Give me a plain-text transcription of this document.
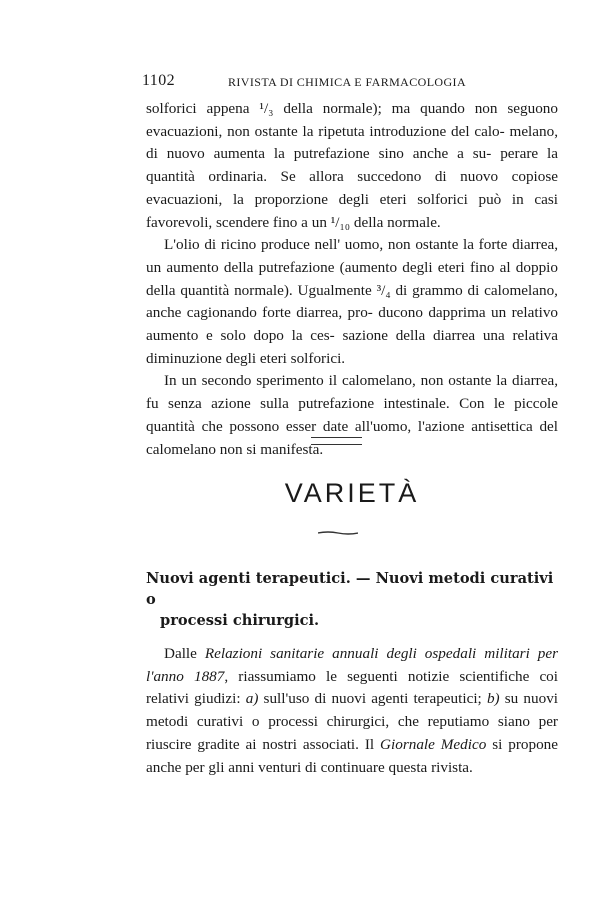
1102	RIVISTA DI CHIMICA E FARMACOLOGIA

solforici appena ¹/₃ della normale); ma quando non seguono evacuazioni, non ostante la ripetuta introduzione del calo- melano, di nuovo aumenta la putrefazione sino anche a su- perare la quantità ordinaria. Se allora succedono di nuovo copiose evacuazioni, la proporzione degli eteri solforici può in casi favorevoli, scendere fino a un ¹/₁₀ della normale.

L'olio di ricino produce nell' uomo, non ostante la forte diarrea, un aumento della putrefazione (aumento degli eteri fino al doppio della quantità normale). Ugualmente ³/₄ di grammo di calomelano, anche cagionando forte diarrea, pro- ducono dapprima un relativo aumento e solo dopo la ces- sazione della diarrea una relativa diminuzione degli eteri solforici.

In un secondo sperimento il calomelano, non ostante la diarrea, fu senza azione sulla putrefazione intestinale. Con le piccole quantità che possono esser date all'uomo, l'azione antisettica del calomelano non si manifesta.

VARIETÀ
Nuovi agenti terapeutici. — Nuovi metodi curativi o
processi chirurgici.

Dalle Relazioni sanitarie annuali degli ospedali militari per l'anno 1887, riassumiamo le seguenti notizie scientifiche coi relativi giudizi: a) sull'uso di nuovi agenti terapeutici; b) su nuovi metodi curativi o processi chirurgici, che reputiamo siano per riuscire gradite ai nostri associati. Il Giornale Medico si propone anche per gli anni venturi di continuare questa rivista.
